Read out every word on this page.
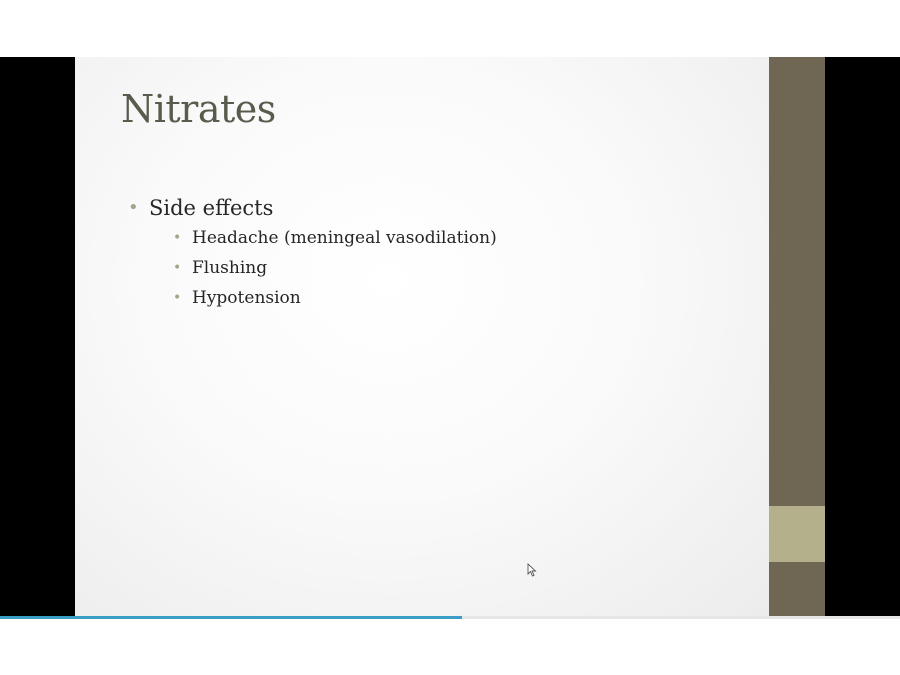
Nitrates
• Side effects
• Headache (meningeal vasodilation)
• Flushing
• Hypotension
